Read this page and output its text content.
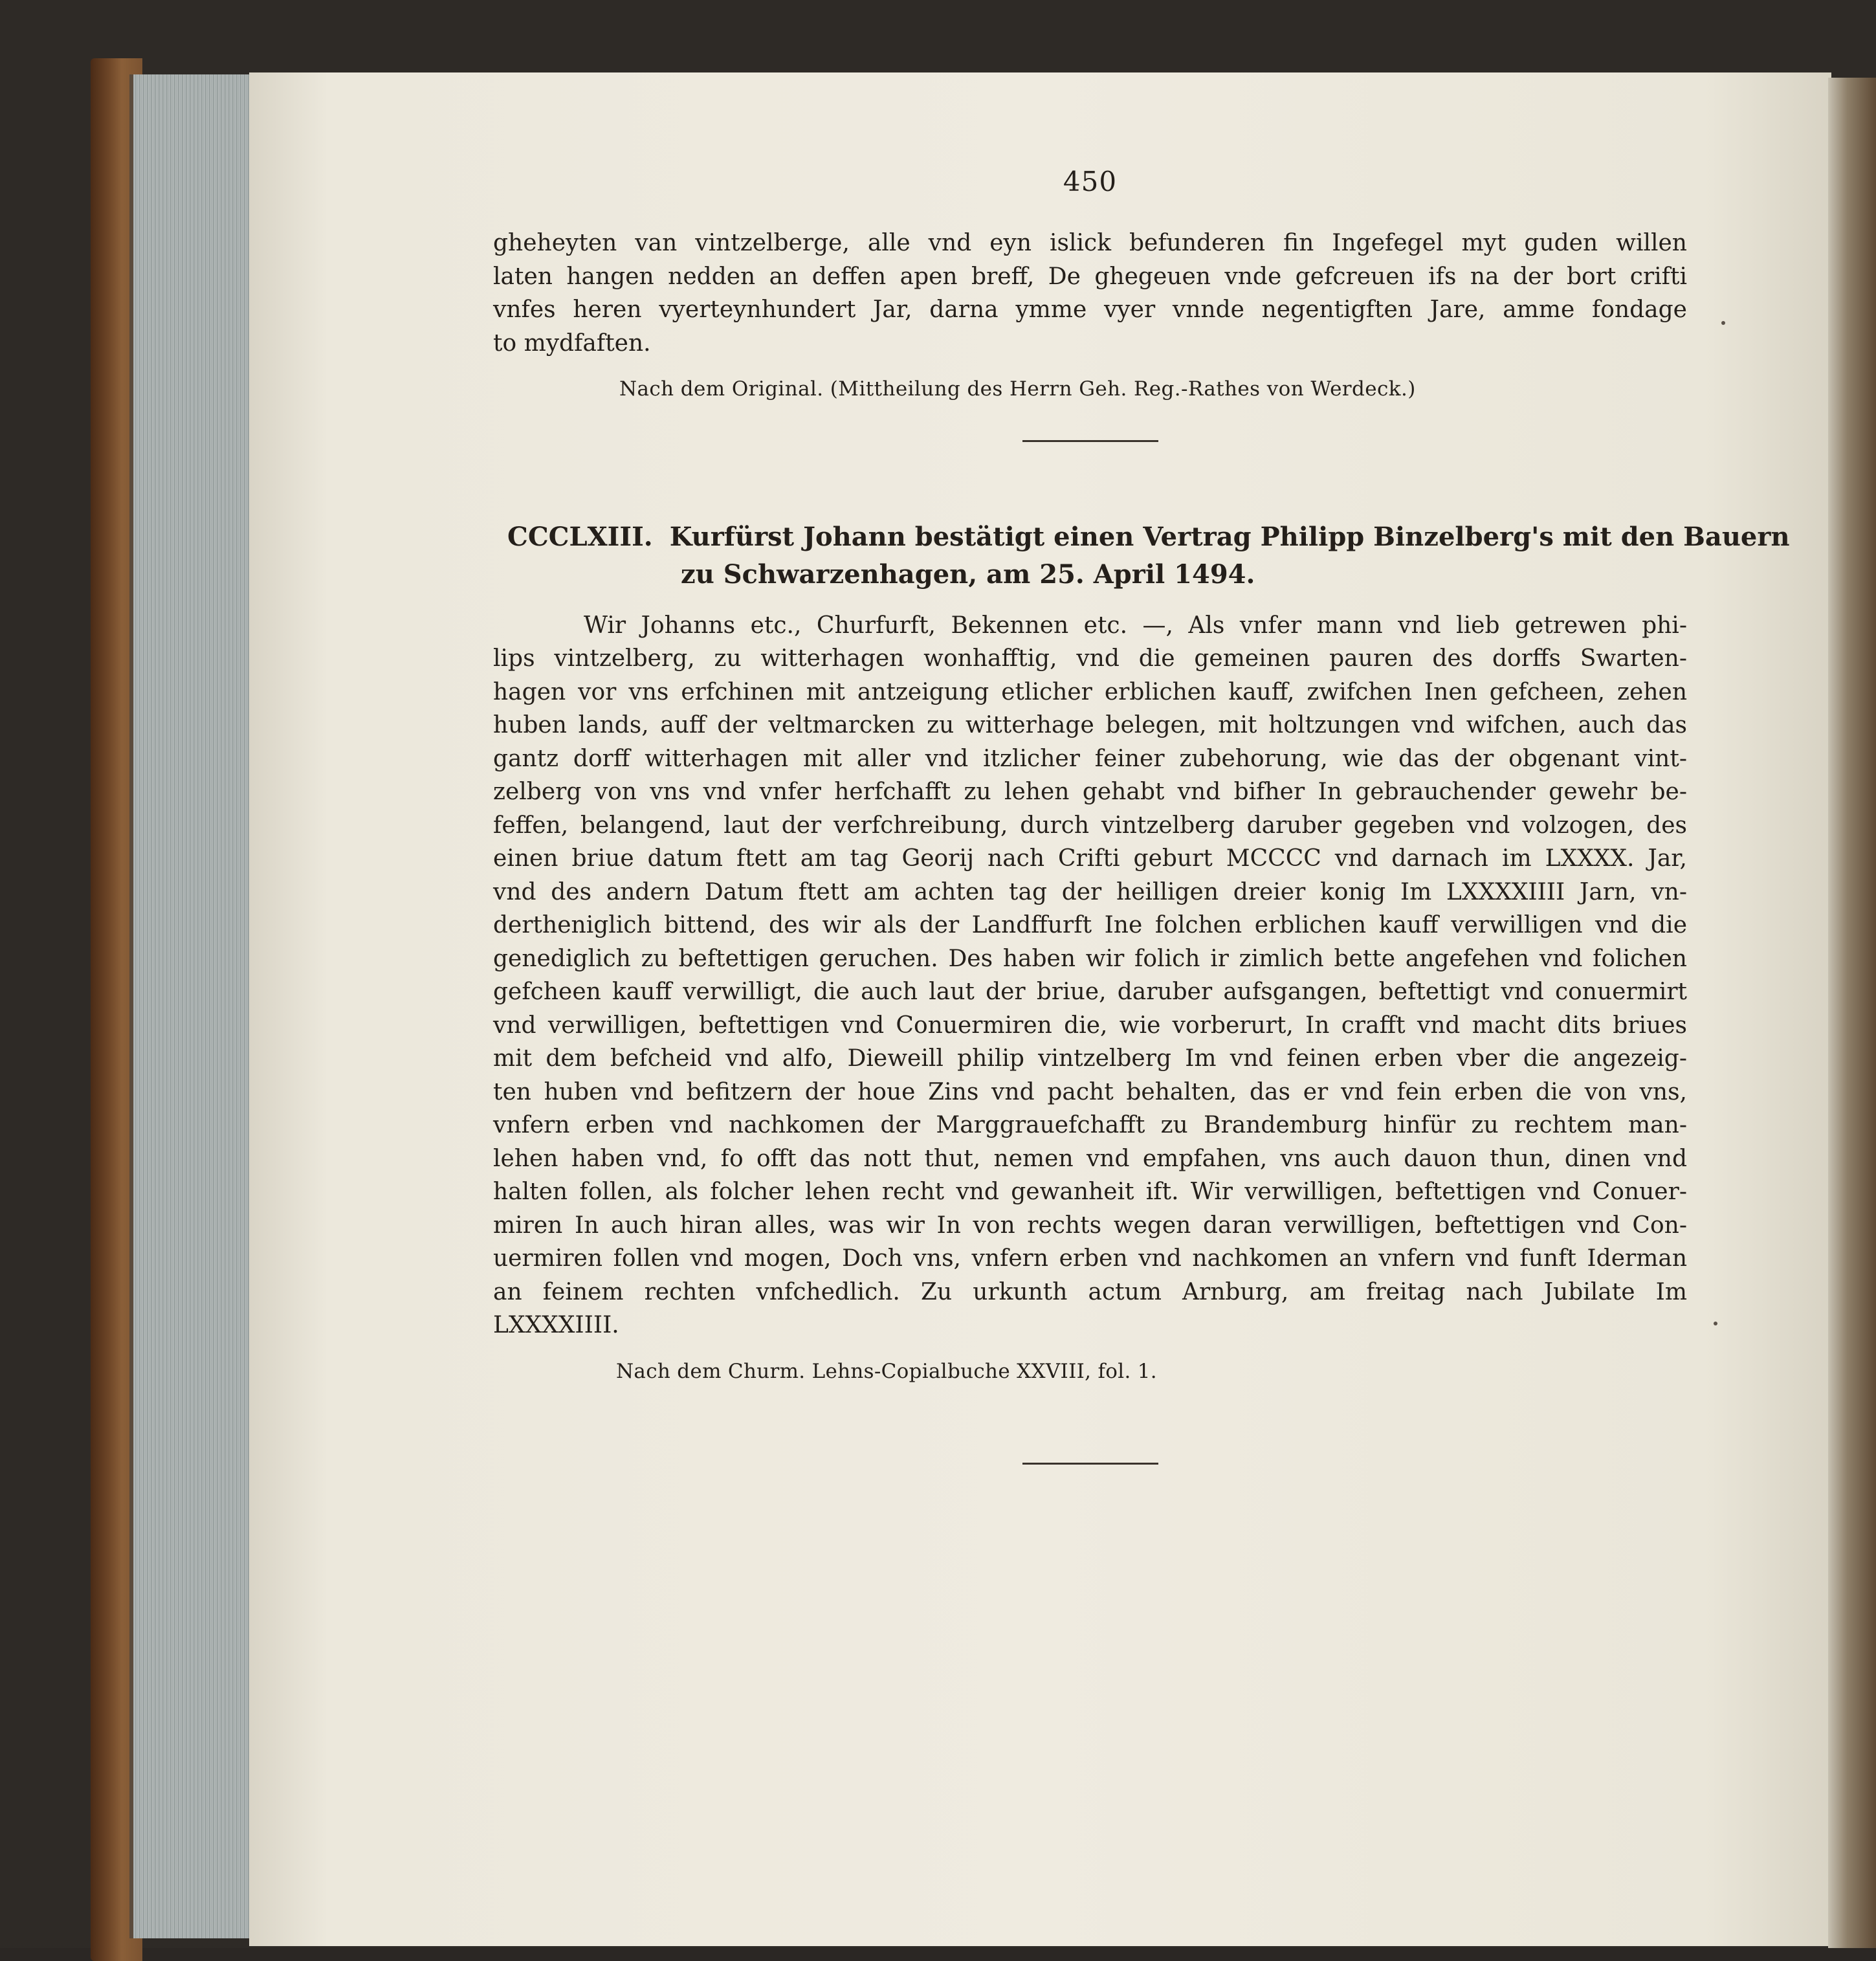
450

gheheyten van vintzelberge, alle vnd eyn islick befunderen fin Ingefegel myt guden willen

laten hangen nedden an deffen apen breff, De ghegeuen vnde gefcreuen ifs na der bort crifti

vnfes heren vyerteynhundert Jar, darna ymme vyer vnnde negentigften Jare, amme fondage

to mydfaften.

Nach dem Original. (Mittheilung des Herrn Geh. Reg.-Rathes von Werdeck.)

CCCLXIII. Kurfürst Johann bestätigt einen Vertrag Philipp Binzelberg's mit den Bauern

zu Schwarzenhagen, am 25. April 1494.

Wir Johanns etc., Churfurft, Bekennen etc. —, Als vnfer mann vnd lieb getrewen phi-

lips vintzelberg, zu witterhagen wonhafftig, vnd die gemeinen pauren des dorffs Swarten-

hagen vor vns erfchinen mit antzeigung etlicher erblichen kauff, zwifchen Inen gefcheen, zehen

huben lands, auff der veltmarcken zu witterhage belegen, mit holtzungen vnd wifchen, auch das

gantz dorff witterhagen mit aller vnd itzlicher feiner zubehorung, wie das der obgenant vint-

zelberg von vns vnd vnfer herfchafft zu lehen gehabt vnd bifher In gebrauchender gewehr be-

feffen, belangend, laut der verfchreibung, durch vintzelberg daruber gegeben vnd volzogen, des

einen briue datum ftett am tag Georij nach Crifti geburt MCCCC vnd darnach im LXXXX. Jar,

vnd des andern Datum ftett am achten tag der heilligen dreier konig Im LXXXXIIII Jarn, vn-

dertheniglich bittend, des wir als der Landffurft Ine folchen erblichen kauff verwilligen vnd die

genediglich zu beftettigen geruchen. Des haben wir folich ir zimlich bette angefehen vnd folichen

gefcheen kauff verwilligt, die auch laut der briue, daruber aufsgangen, beftettigt vnd conuermirt

vnd verwilligen, beftettigen vnd Conuermiren die, wie vorberurt, In crafft vnd macht dits briues

mit dem befcheid vnd alfo, Dieweill philip vintzelberg Im vnd feinen erben vber die angezeig-

ten huben vnd befitzern der houe Zins vnd pacht behalten, das er vnd fein erben die von vns,

vnfern erben vnd nachkomen der Marggrauefchafft zu Brandemburg hinfür zu rechtem man-

lehen haben vnd, fo offt das nott thut, nemen vnd empfahen, vns auch dauon thun, dinen vnd

halten follen, als folcher lehen recht vnd gewanheit ift. Wir verwilligen, beftettigen vnd Conuer-

miren In auch hiran alles, was wir In von rechts wegen daran verwilligen, beftettigen vnd Con-

uermiren follen vnd mogen, Doch vns, vnfern erben vnd nachkomen an vnfern vnd funft Iderman

an feinem rechten vnfchedlich. Zu urkunth actum Arnburg, am freitag nach Jubilate Im

LXXXXIIII.

Nach dem Churm. Lehns-Copialbuche XXVIII, fol. 1.
